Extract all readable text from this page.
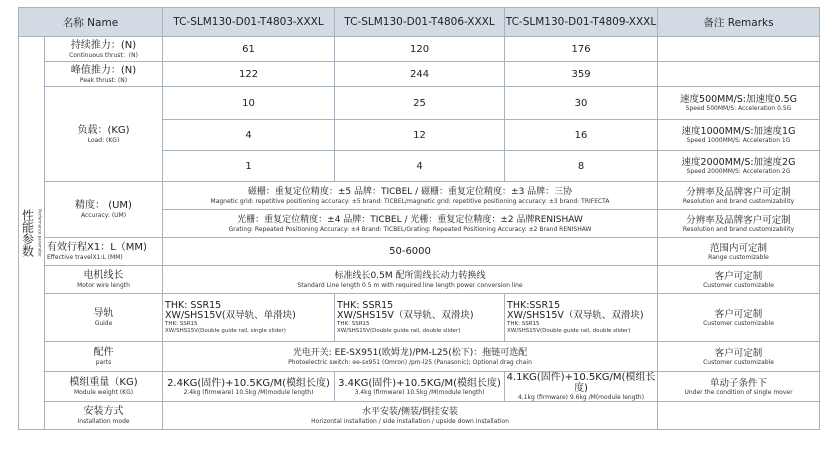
名称 Name		TC-SLM130-D01-T4803-XXXL	TC-SLM130-D01-T4806-XXXL	TC-SLM130-D01-T4809-XXXL	备注 Remarks

性能参数 Performance parameter	持续推力：(N)
Continuous thrust：(N)	61	120	176	
	峰值推力：(N)
Peak thrust: (N)	122	244	359	
	负载：(KG)
Load: (KG)	10	25	30	速度500MM/S:加速度0.5G
Speed 500MM/S: Acceleration 0.5G

		4	12	16	速度1000MM/S:加速度1G
Speed 1000MM/S: Acceleration 1G

		1	4	8	速度2000MM/S:加速度2G
Speed 2000MM/S: Acceleration 2G

	精度： (UM)
Accuracy: (UM)	磁栅：重复定位精度：±5 品牌：TICBEL / 磁栅：重复定位精度：±3 品牌：三协
Magnetic grid: repetitive positioning accuracy: ±5 brand: TICBEL/magnetic grid: repetitive positioning accuracy: ±3 brand: TRIFECTA			分辨率及品牌客户可定制
Resolution and brand customizability

		光栅：重复定位精度：±4 品牌：TICBEL / 光栅：重复定位精度：±2 品牌RENISHAW
Grating: Repeated Positioning Accuracy: ±4 Brand: TICBEL/Grating: Repeated Positioning Accuracy: ±2 Brand RENISHAW			分辨率及品牌客户可定制
Resolution and brand customizability

	有效行程X1：L（MM)
Effective travelX1:L (MM)	50-6000			范围内可定制
Range customizable

	电机线长
Motor wire length	标准线长0.5M 配所需线长动力转换线
Standard Line length 0.5 m with required line length power conversion line			客户可定制
Customer customizable

	导轨
Guide	THK: SSR15
XW/SHS15V(双导轨、单滑块)
THK: SSR15
XW/SHS15V(Double guide rail, single slider)	THK: SSR15
XW/SHS15V（双导轨、双滑块)
THK: SSR15
XW/SHS15V(Double guide rail, double slider)	THK:SSR15
XW/SHS15V（双导轨、双滑块)
THK: SSR15
XW/SHS15V(Double guide rail, double slider)	客户可定制
Customer customizable

	配件
parts	光电开关: EE-SX951(欧姆龙)/PM-L25(松下)：拖链可选配
Photoelectric switch: ee-sx951 (Omron) /pm-l25 (Panasonic); Optional drag chain			客户可定制
Customer customizable

	模组重量（KG)
Module weight (KG)	2.4KG(固件)+10.5KG/M(模组长度)
2.4kg (firmware) 10.5kg /M(module length)	3.4KG(固件)+10.5KG/M(模组长度)
3.4kg (firmware) 10.5kg /M(module length)	4.1KG(固件)+10.5KG/M(模组长度)
4.1kg (firmware) 9.6kg /M(module length)	单动子条件下
Under the condition of single mover

	安装方式
Installation mode	水平安装/侧装/倒挂安装
Horizontal installation / side installation / upside down installation			
